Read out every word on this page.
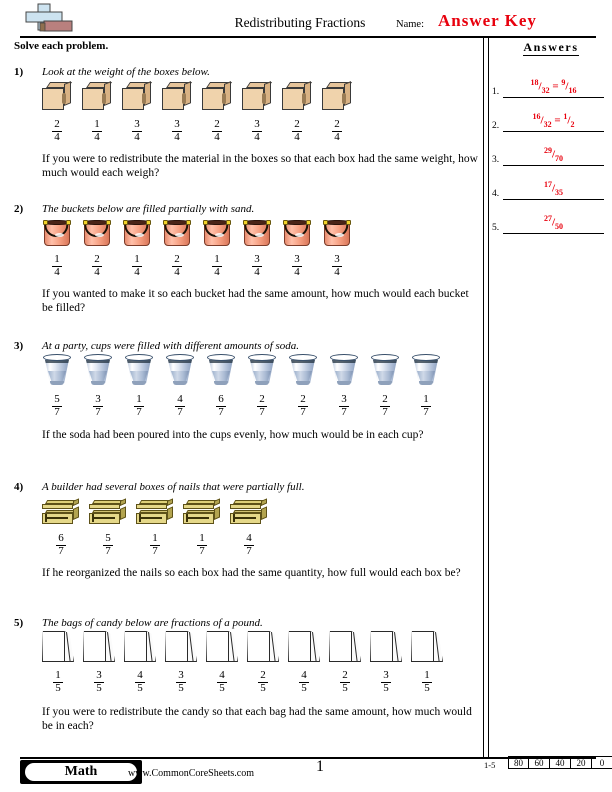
Redistributing Fractions	Name: Answer Key
Solve each problem.	Answers
1.
$^{18}/_{32} = ^9/_{16}$
2.
$^{16}/_{32} = ^1/_2$
3.
$^{29}/_{70}$
4.
$^{17}/_{35}$
5.
$^{27}/_{50}$
1) Look at the weight of the boxes below.
$\frac{2}{4}$	$\frac{1}{4}$	$\frac{3}{4}$	$\frac{3}{4}$	$\frac{2}{4}$	$\frac{3}{4}$	$\frac{2}{4}$	$\frac{2}{4}$
If you were to redistribute the material in the boxes so that each box had the same weight, how much would each weigh?
2) The buckets below are filled partially with sand.
$\frac{1}{4}$	$\frac{2}{4}$	$\frac{1}{4}$	$\frac{2}{4}$	$\frac{1}{4}$	$\frac{3}{4}$	$\frac{3}{4}$	$\frac{3}{4}$
If you wanted to make it so each bucket had the same amount, how much would each bucket be filled?
3) At a party, cups were filled with different amounts of soda.
$\frac{5}{7}$	$\frac{3}{7}$	$\frac{1}{7}$	$\frac{4}{7}$	$\frac{6}{7}$	$\frac{2}{7}$	$\frac{2}{7}$	$\frac{3}{7}$	$\frac{2}{7}$	$\frac{1}{7}$
If the soda had been poured into the cups evenly, how much would be in each cup?
4) A builder had several boxes of nails that were partially full.
$\frac{6}{7}$	$\frac{5}{7}$	$\frac{1}{7}$	$\frac{1}{7}$	$\frac{4}{7}$
If he reorganized the nails so each box had the same quantity, how full would each box be?
5) The bags of candy below are fractions of a pound.
$\frac{1}{5}$	$\frac{3}{5}$	$\frac{4}{5}$	$\frac{3}{5}$	$\frac{4}{5}$	$\frac{2}{5}$	$\frac{4}{5}$	$\frac{2}{5}$	$\frac{3}{5}$	$\frac{1}{5}$
If you were to redistribute the candy so that each bag had the same amount, how much would be in each?
Math	www.CommonCoreSheets.com	1	1-5	80	60	40	20	0
